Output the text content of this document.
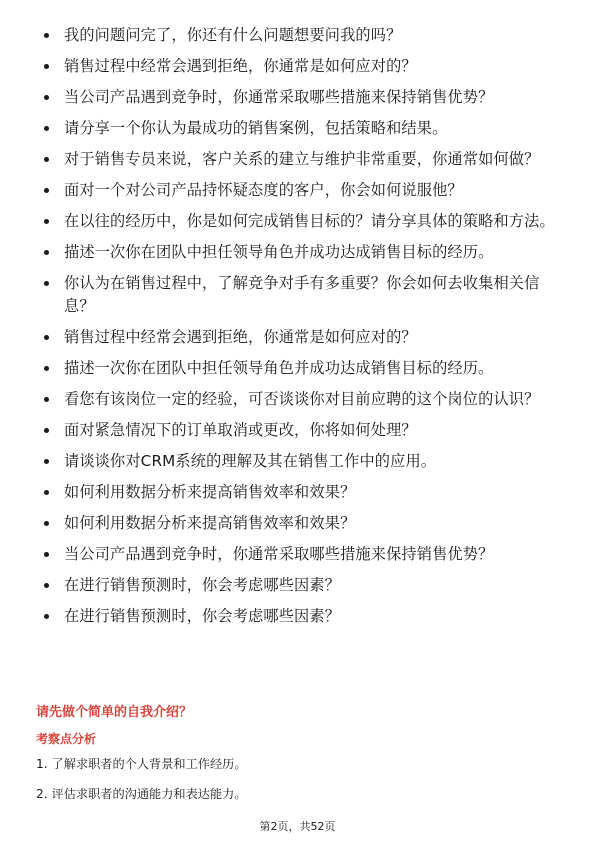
我的问题问完了，你还有什么问题想要问我的吗？
销售过程中经常会遇到拒绝，你通常是如何应对的？
当公司产品遇到竞争时，你通常采取哪些措施来保持销售优势？
请分享一个你认为最成功的销售案例，包括策略和结果。
对于销售专员来说，客户关系的建立与维护非常重要，你通常如何做？
面对一个对公司产品持怀疑态度的客户，你会如何说服他？
在以往的经历中，你是如何完成销售目标的？请分享具体的策略和方法。
描述一次你在团队中担任领导角色并成功达成销售目标的经历。
你认为在销售过程中，了解竞争对手有多重要？你会如何去收集相关信息？
销售过程中经常会遇到拒绝，你通常是如何应对的？
描述一次你在团队中担任领导角色并成功达成销售目标的经历。
看您有该岗位一定的经验，可否谈谈你对目前应聘的这个岗位的认识？
面对紧急情况下的订单取消或更改，你将如何处理？
请谈谈你对CRM系统的理解及其在销售工作中的应用。
如何利用数据分析来提高销售效率和效果？
如何利用数据分析来提高销售效率和效果？
当公司产品遇到竞争时，你通常采取哪些措施来保持销售优势？
在进行销售预测时，你会考虑哪些因素？
在进行销售预测时，你会考虑哪些因素？
请先做个简单的自我介绍？
考察点分析
1. 了解求职者的个人背景和工作经历。
2. 评估求职者的沟通能力和表达能力。
第2页，共52页
